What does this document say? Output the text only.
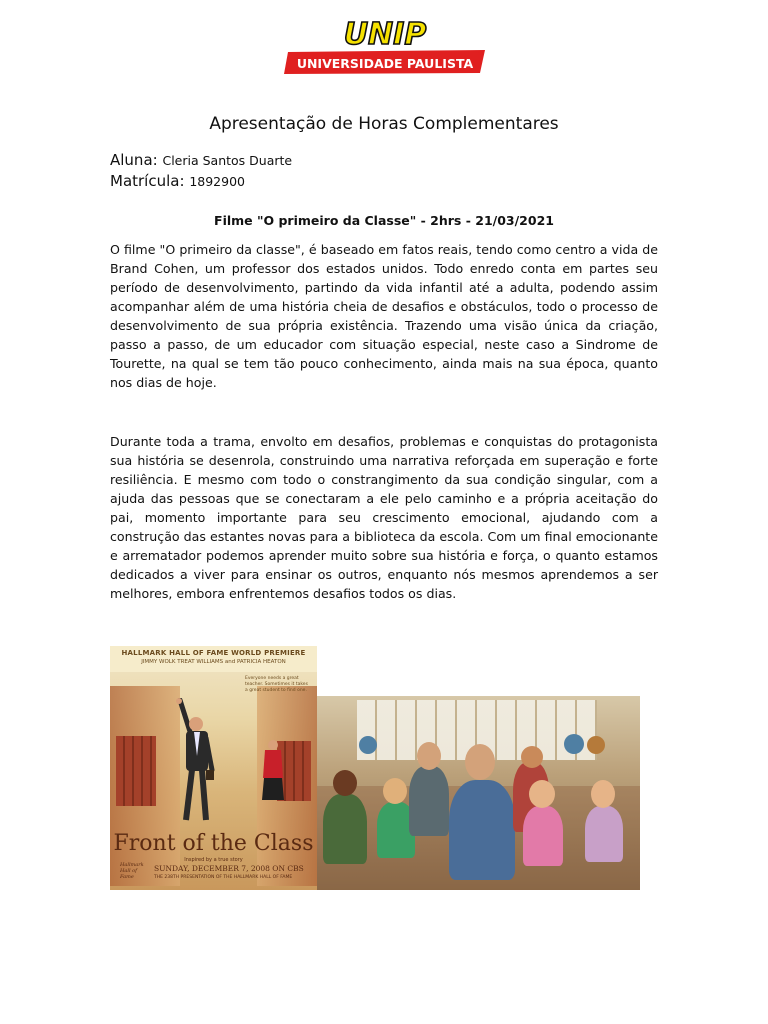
UNIP
UNIVERSIDADE PAULISTA
Apresentação de Horas Complementares
Aluna: Cleria Santos Duarte
Matrícula: 1892900
Filme "O primeiro da Classe" - 2hrs - 21/03/2021

O filme "O primeiro da classe", é baseado em fatos reais, tendo como centro a vida de Brand Cohen, um professor dos estados unidos. Todo enredo conta em partes seu período de desenvolvimento, partindo da vida infantil até a adulta, podendo assim acompanhar além de uma história cheia de desafios e obstáculos, todo o processo de desenvolvimento de sua própria existência. Trazendo uma visão única da criação, passo a passo, de um educador com situação especial, neste caso a Sindrome de Tourette, na qual se tem tão pouco conhecimento, ainda mais na sua época, quanto nos dias de hoje.

Durante toda a trama, envolto em desafios, problemas e conquistas do protagonista sua história se desenrola, construindo uma narrativa reforçada em superação e forte resiliência. E mesmo com todo o constrangimento da sua condição singular, com a ajuda das pessoas que se conectaram a ele pelo caminho e a própria aceitação do pai, momento importante para seu crescimento emocional, ajudando com a construção das estantes novas para a biblioteca da escola. Com um final emocionante e arrematador podemos aprender muito sobre sua história e força, o quanto estamos dedicados a viver para ensinar os outros, enquanto nós mesmos aprendemos a ser melhores, embora enfrentemos desafios todos os dias.

HALLMARK HALL OF FAME WORLD PREMIERE
JIMMY WOLK TREAT WILLIAMS and PATRICIA HEATON
Everyone needs a great teacher. Sometimes it takes a great student to find one.
Front of the Class
Inspired by a true story
Hallmark Hall of Fame
SUNDAY, DECEMBER 7, 2008 ON CBS
THE 238TH PRESENTATION OF THE HALLMARK HALL OF FAME
